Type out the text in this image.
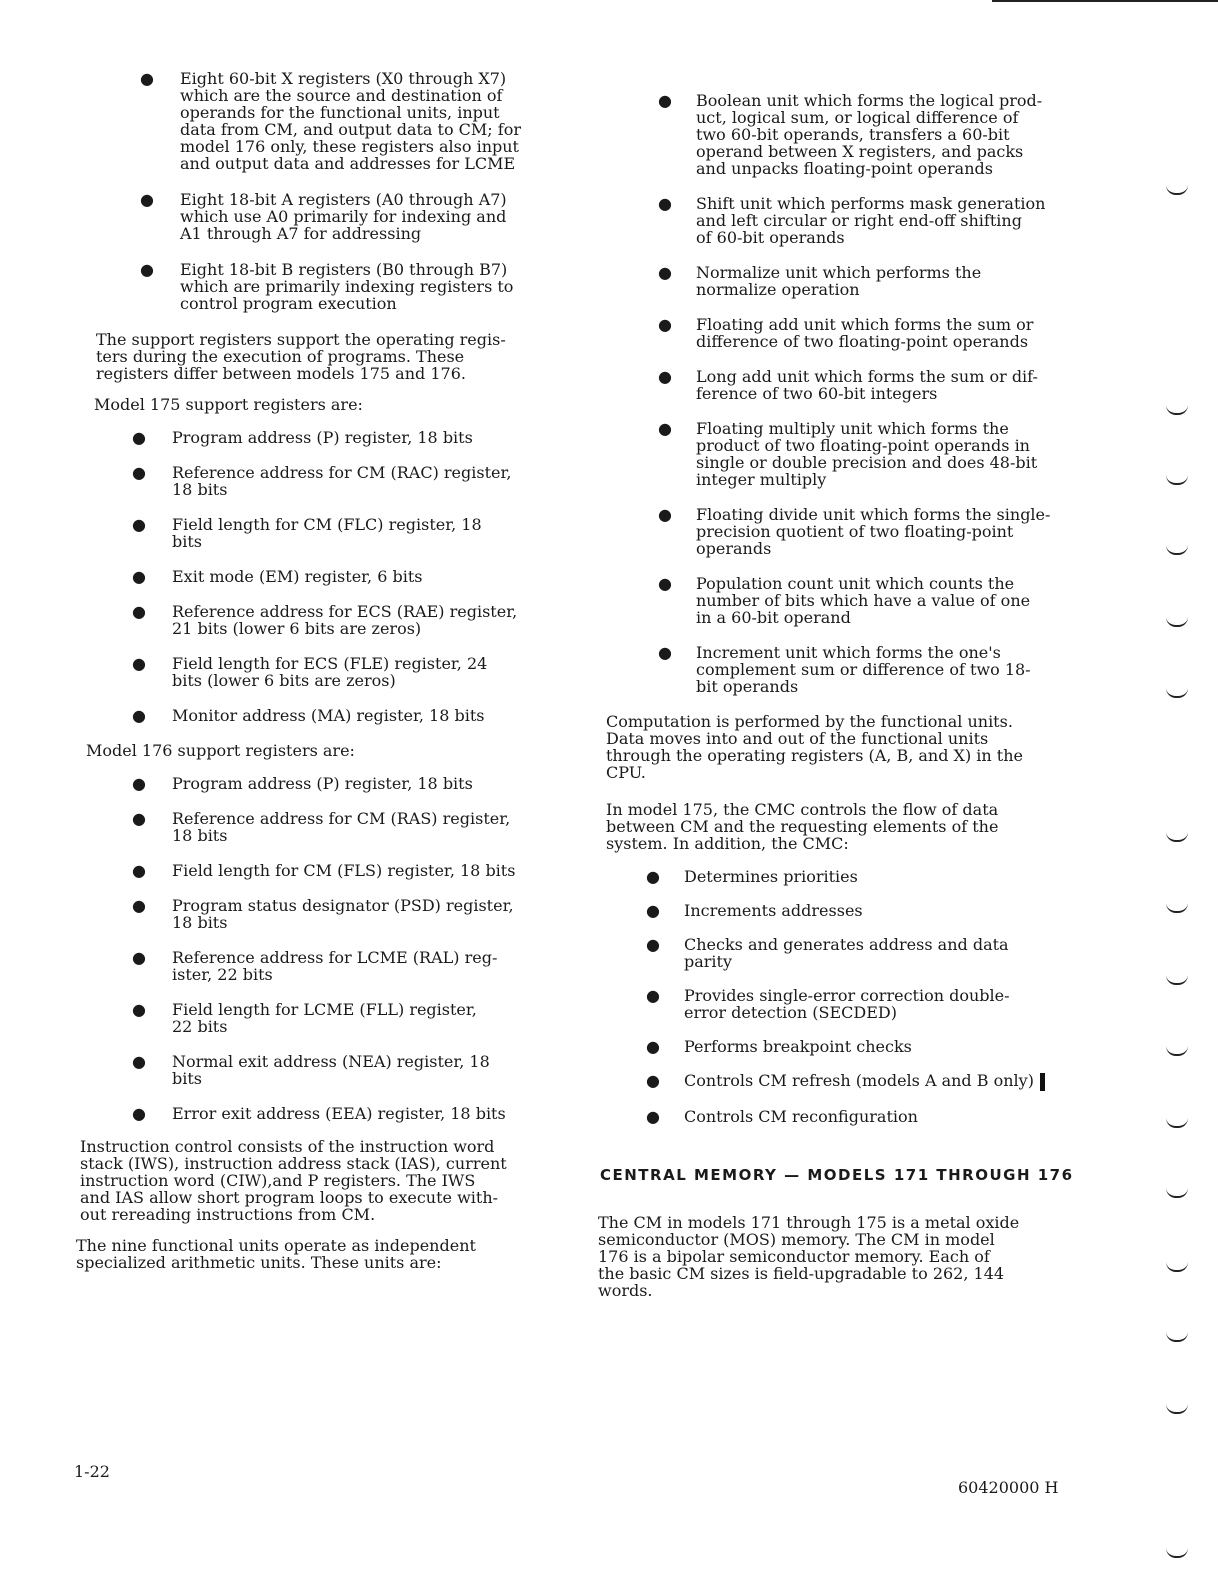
● Eight 60-bit X registers (X0 through X7)
which are the source and destination of
operands for the functional units, input
data from CM, and output data to CM; for
model 176 only, these registers also input
and output data and addresses for LCME
● Eight 18-bit A registers (A0 through A7)
which use A0 primarily for indexing and
A1 through A7 for addressing
● Eight 18-bit B registers (B0 through B7)
which are primarily indexing registers to
control program execution

The support registers support the operating regis-
ters during the execution of programs. These
registers differ between models 175 and 176.

Model 175 support registers are:

● Program address (P) register, 18 bits
● Reference address for CM (RAC) register,
18 bits
● Field length for CM (FLC) register, 18
bits
● Exit mode (EM) register, 6 bits
● Reference address for ECS (RAE) register,
21 bits (lower 6 bits are zeros)
● Field length for ECS (FLE) register, 24
bits (lower 6 bits are zeros)
● Monitor address (MA) register, 18 bits

Model 176 support registers are:

● Program address (P) register, 18 bits
● Reference address for CM (RAS) register,
18 bits
● Field length for CM (FLS) register, 18 bits
● Program status designator (PSD) register,
18 bits
● Reference address for LCME (RAL) reg-
ister, 22 bits
● Field length for LCME (FLL) register,
22 bits
● Normal exit address (NEA) register, 18
bits
● Error exit address (EEA) register, 18 bits

Instruction control consists of the instruction word
stack (IWS), instruction address stack (IAS), current
instruction word (CIW),and P registers. The IWS
and IAS allow short program loops to execute with-
out rereading instructions from CM.

The nine functional units operate as independent
specialized arithmetic units. These units are:

● Boolean unit which forms the logical prod-
uct, logical sum, or logical difference of
two 60-bit operands, transfers a 60-bit
operand between X registers, and packs
and unpacks floating-point operands
● Shift unit which performs mask generation
and left circular or right end-off shifting
of 60-bit operands
● Normalize unit which performs the
normalize operation
● Floating add unit which forms the sum or
difference of two floating-point operands
● Long add unit which forms the sum or dif-
ference of two 60-bit integers
● Floating multiply unit which forms the
product of two floating-point operands in
single or double precision and does 48-bit
integer multiply
● Floating divide unit which forms the single-
precision quotient of two floating-point
operands
● Population count unit which counts the
number of bits which have a value of one
in a 60-bit operand
● Increment unit which forms the one's
complement sum or difference of two 18-
bit operands

Computation is performed by the functional units.
Data moves into and out of the functional units
through the operating registers (A, B, and X) in the
CPU.

In model 175, the CMC controls the flow of data
between CM and the requesting elements of the
system. In addition, the CMC:

● Determines priorities
● Increments addresses
● Checks and generates address and data
parity
● Provides single-error correction double-
error detection (SECDED)
● Performs breakpoint checks
● Controls CM refresh (models A and B only)
● Controls CM reconfiguration
CENTRAL MEMORY — MODELS 171 THROUGH 176

The CM in models 171 through 175 is a metal oxide
semiconductor (MOS) memory. The CM in model
176 is a bipolar semiconductor memory. Each of
the basic CM sizes is field-upgradable to 262, 144
words.

1-22
60420000 H
